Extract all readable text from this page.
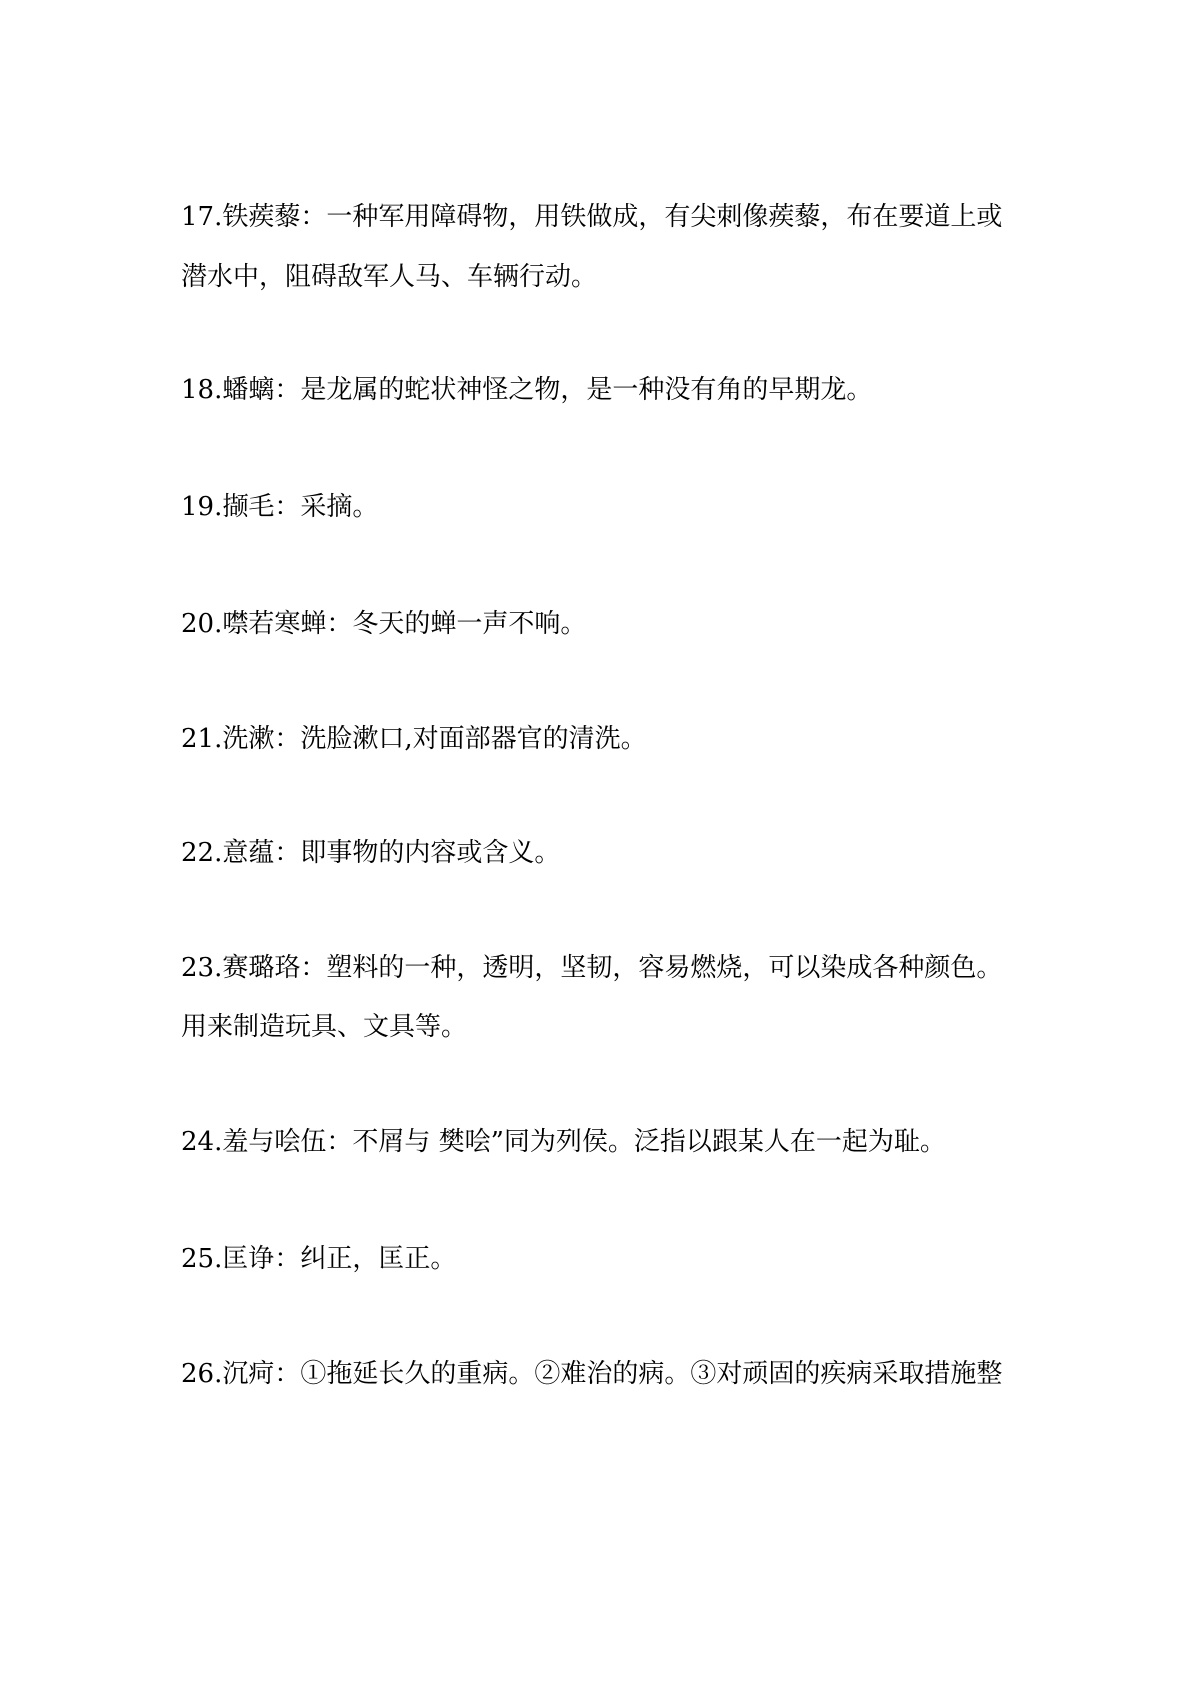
17.铁蒺藜：一种军用障碍物，用铁做成，有尖刺像蒺藜，布在要道上或

潜水中，阻碍敌军人马、车辆行动。

18.蟠螭：是龙属的蛇状神怪之物，是一种没有角的早期龙。

19.撷毛：采摘。

20.噤若寒蝉：冬天的蝉一声不响。

21.洗漱：洗脸漱口,对面部器官的清洗。

22.意蕴：即事物的内容或含义。

23.赛璐珞：塑料的一种，透明，坚韧，容易燃烧，可以染成各种颜色。

用来制造玩具、文具等。

24.羞与哙伍：不屑与 樊哙”同为列侯。泛指以跟某人在一起为耻。

25.匡诤：纠正，匡正。

26.沉疴：①拖延长久的重病。②难治的病。③对顽固的疾病采取措施整
